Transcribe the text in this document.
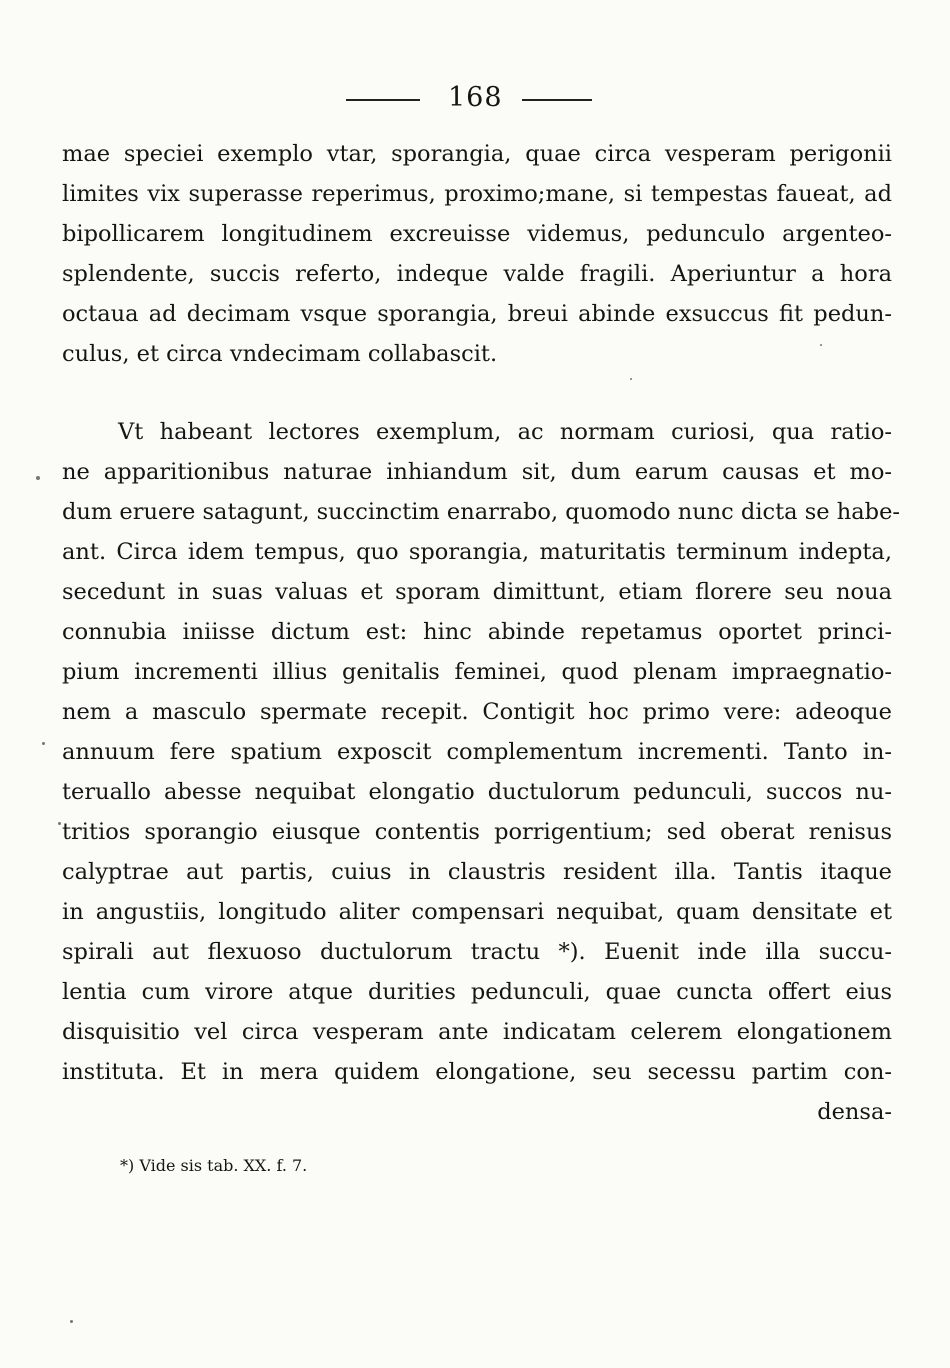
168
mae speciei exemplo vtar, sporangia, quae circa vesperam perigonii
limites vix superasse reperimus, proximo;mane, si tempestas faueat, ad
bipollicarem longitudinem excreuisse videmus, pedunculo argenteo-
splendente, succis referto, indeque valde fragili. Aperiuntur a hora
octaua ad decimam vsque sporangia, breui abinde exsuccus fit pedun-
culus, et circa vndecimam collabascit.
Vt habeant lectores exemplum, ac normam curiosi, qua ratio-
ne apparitionibus naturae inhiandum sit, dum earum causas et mo-
dum eruere satagunt, succinctim enarrabo, quomodo nunc dicta se habe-
ant. Circa idem tempus, quo sporangia, maturitatis terminum indepta,
secedunt in suas valuas et sporam dimittunt, etiam florere seu noua
connubia iniisse dictum est: hinc abinde repetamus oportet princi-
pium incrementi illius genitalis feminei, quod plenam impraegnatio-
nem a masculo spermate recepit. Contigit hoc primo vere: adeoque
annuum fere spatium exposcit complementum incrementi. Tanto in-
teruallo abesse nequibat elongatio ductulorum pedunculi, succos nu-
tritios sporangio eiusque contentis porrigentium; sed oberat renisus
calyptrae aut partis, cuius in claustris resident illa. Tantis itaque
in angustiis, longitudo aliter compensari nequibat, quam densitate et
spirali aut flexuoso ductulorum tractu *). Euenit inde illa succu-
lentia cum virore atque durities pedunculi, quae cuncta offert eius
disquisitio vel circa vesperam ante indicatam celerem elongationem
instituta. Et in mera quidem elongatione, seu secessu partim con-
densa-
*) Vide sis tab. XX. f. 7.
